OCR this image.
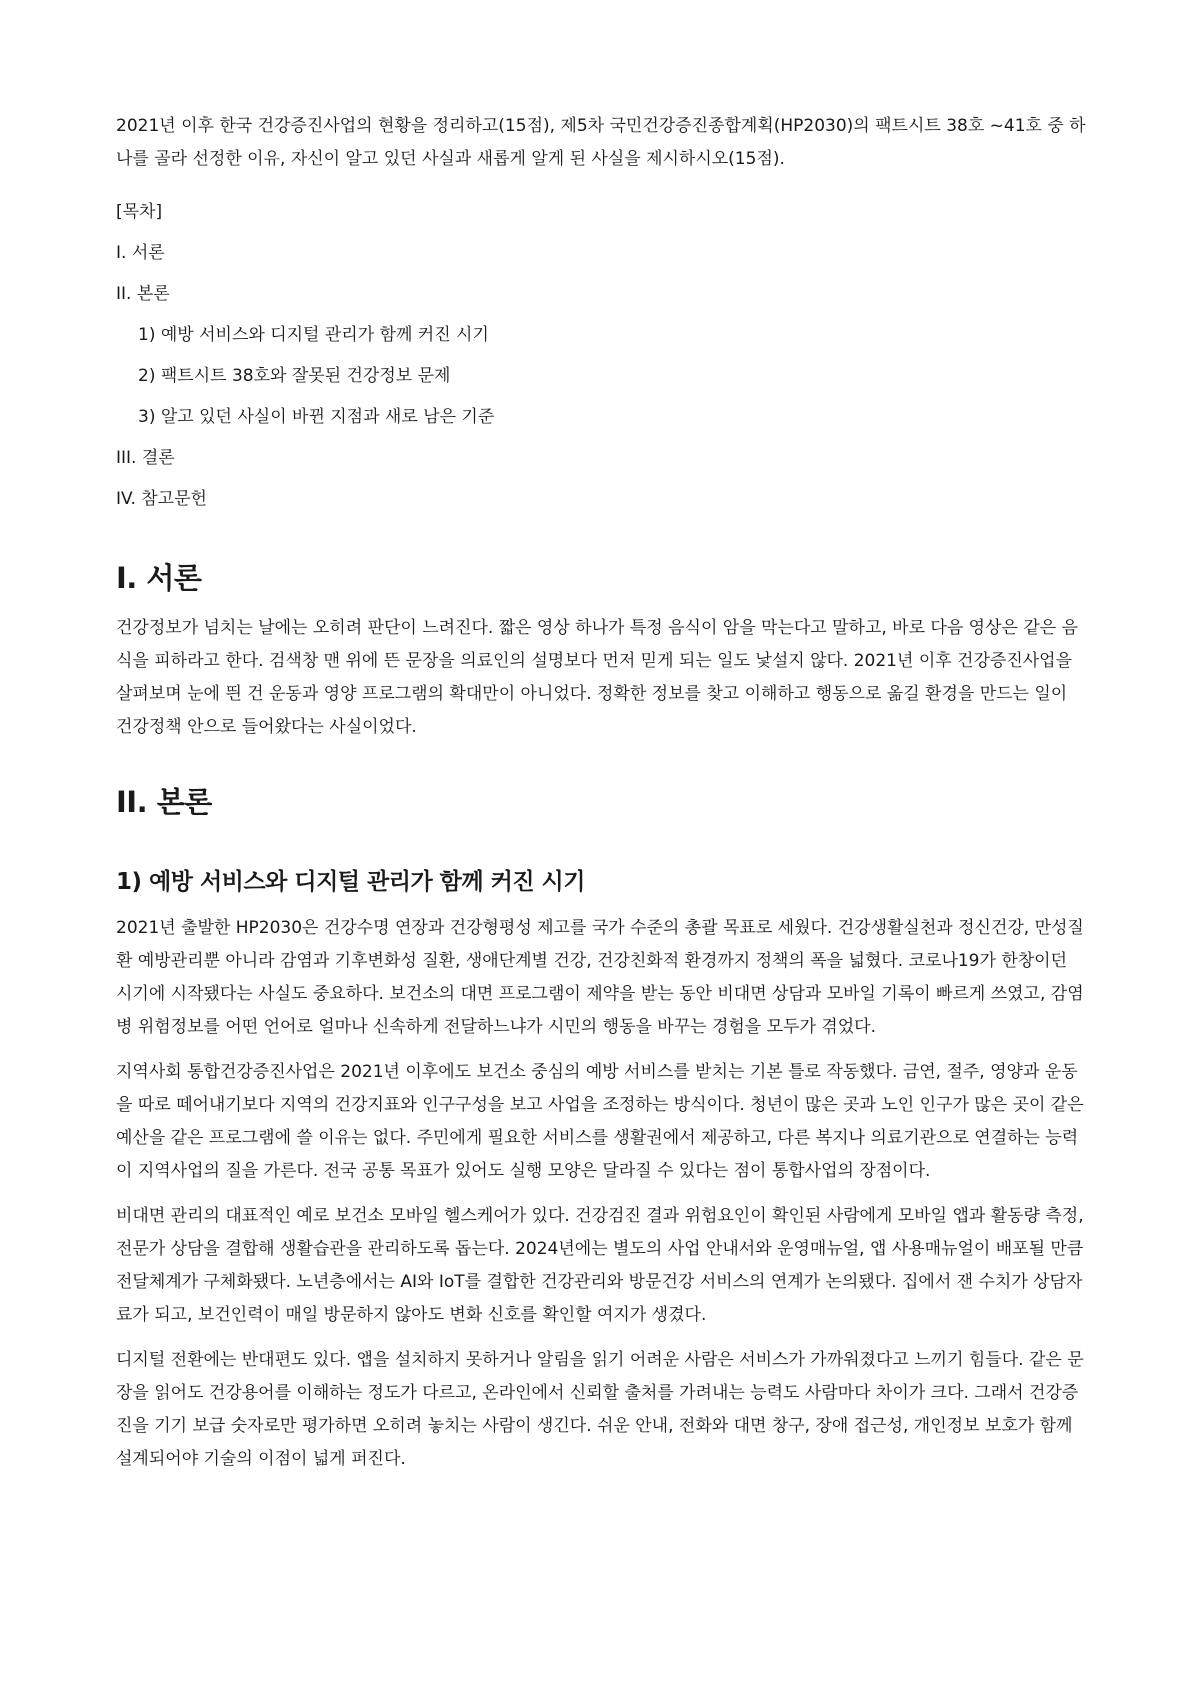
2021년 이후 한국 건강증진사업의 현황을 정리하고(15점), 제5차 국민건강증진종합계획(HP2030)의 팩트시트 38호 ~41호 중 하나를 골라 선정한 이유, 자신이 알고 있던 사실과 새롭게 알게 된 사실을 제시하시오(15점).

[목차]

I. 서론

II. 본론

1) 예방 서비스와 디지털 관리가 함께 커진 시기

2) 팩트시트 38호와 잘못된 건강정보 문제

3) 알고 있던 사실이 바뀐 지점과 새로 남은 기준

III. 결론

IV. 참고문헌

I. 서론

건강정보가 넘치는 날에는 오히려 판단이 느려진다. 짧은 영상 하나가 특정 음식이 암을 막는다고 말하고, 바로 다음 영상은 같은 음식을 피하라고 한다. 검색창 맨 위에 뜬 문장을 의료인의 설명보다 먼저 믿게 되는 일도 낯설지 않다. 2021년 이후 건강증진사업을 살펴보며 눈에 띈 건 운동과 영양 프로그램의 확대만이 아니었다. 정확한 정보를 찾고 이해하고 행동으로 옮길 환경을 만드는 일이 건강정책 안으로 들어왔다는 사실이었다.

II. 본론
1) 예방 서비스와 디지털 관리가 함께 커진 시기

2021년 출발한 HP2030은 건강수명 연장과 건강형평성 제고를 국가 수준의 총괄 목표로 세웠다. 건강생활실천과 정신건강, 만성질환 예방관리뿐 아니라 감염과 기후변화성 질환, 생애단계별 건강, 건강친화적 환경까지 정책의 폭을 넓혔다. 코로나19가 한창이던 시기에 시작됐다는 사실도 중요하다. 보건소의 대면 프로그램이 제약을 받는 동안 비대면 상담과 모바일 기록이 빠르게 쓰였고, 감염병 위험정보를 어떤 언어로 얼마나 신속하게 전달하느냐가 시민의 행동을 바꾸는 경험을 모두가 겪었다.

지역사회 통합건강증진사업은 2021년 이후에도 보건소 중심의 예방 서비스를 받치는 기본 틀로 작동했다. 금연, 절주, 영양과 운동을 따로 떼어내기보다 지역의 건강지표와 인구구성을 보고 사업을 조정하는 방식이다. 청년이 많은 곳과 노인 인구가 많은 곳이 같은 예산을 같은 프로그램에 쓸 이유는 없다. 주민에게 필요한 서비스를 생활권에서 제공하고, 다른 복지나 의료기관으로 연결하는 능력이 지역사업의 질을 가른다. 전국 공통 목표가 있어도 실행 모양은 달라질 수 있다는 점이 통합사업의 장점이다.

비대면 관리의 대표적인 예로 보건소 모바일 헬스케어가 있다. 건강검진 결과 위험요인이 확인된 사람에게 모바일 앱과 활동량 측정, 전문가 상담을 결합해 생활습관을 관리하도록 돕는다. 2024년에는 별도의 사업 안내서와 운영매뉴얼, 앱 사용매뉴얼이 배포될 만큼 전달체계가 구체화됐다. 노년층에서는 AI와 IoT를 결합한 건강관리와 방문건강 서비스의 연계가 논의됐다. 집에서 잰 수치가 상담자료가 되고, 보건인력이 매일 방문하지 않아도 변화 신호를 확인할 여지가 생겼다.

디지털 전환에는 반대편도 있다. 앱을 설치하지 못하거나 알림을 읽기 어려운 사람은 서비스가 가까워졌다고 느끼기 힘들다. 같은 문장을 읽어도 건강용어를 이해하는 정도가 다르고, 온라인에서 신뢰할 출처를 가려내는 능력도 사람마다 차이가 크다. 그래서 건강증진을 기기 보급 숫자로만 평가하면 오히려 놓치는 사람이 생긴다. 쉬운 안내, 전화와 대면 창구, 장애 접근성, 개인정보 보호가 함께 설계되어야 기술의 이점이 넓게 퍼진다.
